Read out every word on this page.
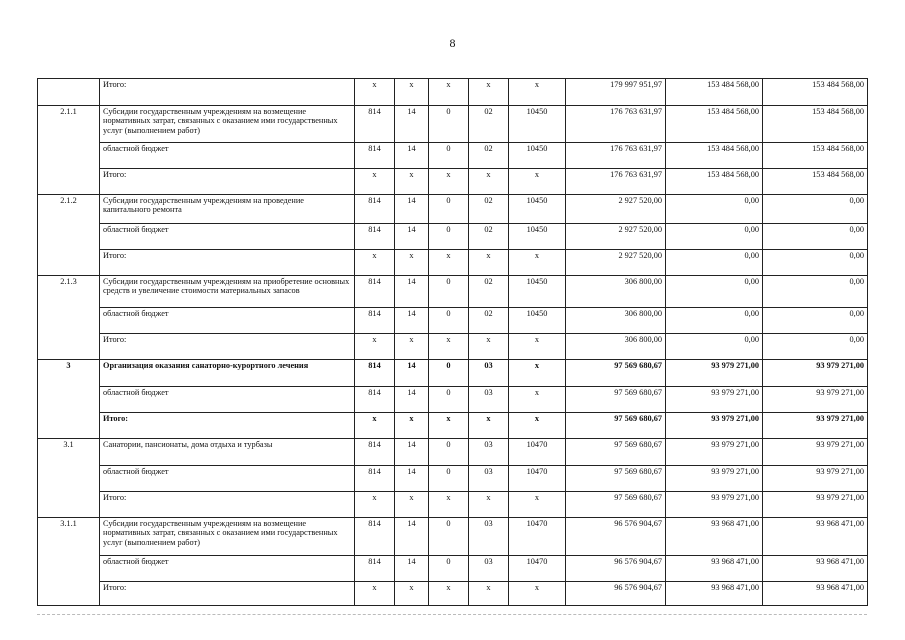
8
	Итого:	х	х	х	х	х	179 997 951,97	153 484 568,00	153 484 568,00
2.1.1	Субсидии государственным учреждениям на возмещение нормативных затрат, связанных с оказанием ими государственных услуг (выполнением работ)	814	14	0	02	10450	176 763 631,97	153 484 568,00	153 484 568,00
	областной бюджет	814	14	0	02	10450	176 763 631,97	153 484 568,00	153 484 568,00
	Итого:	х	х	х	х	х	176 763 631,97	153 484 568,00	153 484 568,00
2.1.2	Субсидии государственным учреждениям на проведение капитального ремонта	814	14	0	02	10450	2 927 520,00	0,00	0,00
	областной бюджет	814	14	0	02	10450	2 927 520,00	0,00	0,00
	Итого:	х	х	х	х	х	2 927 520,00	0,00	0,00
2.1.3	Субсидии государственным учреждениям на приобретение основных средств и увеличение стоимости материальных запасов	814	14	0	02	10450	306 800,00	0,00	0,00
	областной бюджет	814	14	0	02	10450	306 800,00	0,00	0,00
	Итого:	х	х	х	х	х	306 800,00	0,00	0,00
3	Организация оказания санаторно-курортного лечения	814	14	0	03	х	97 569 680,67	93 979 271,00	93 979 271,00
	областной бюджет	814	14	0	03	х	97 569 680,67	93 979 271,00	93 979 271,00
	Итого:	х	х	х	х	х	97 569 680,67	93 979 271,00	93 979 271,00
3.1	Санатории, пансионаты, дома отдыха и турбазы	814	14	0	03	10470	97 569 680,67	93 979 271,00	93 979 271,00
	областной бюджет	814	14	0	03	10470	97 569 680,67	93 979 271,00	93 979 271,00
	Итого:	х	х	х	х	х	97 569 680,67	93 979 271,00	93 979 271,00
3.1.1	Субсидии государственным учреждениям на возмещение нормативных затрат, связанных с оказанием ими государственных услуг (выполнением работ)	814	14	0	03	10470	96 576 904,67	93 968 471,00	93 968 471,00
	областной бюджет	814	14	0	03	10470	96 576 904,67	93 968 471,00	93 968 471,00
	Итого:	х	х	х	х	х	96 576 904,67	93 968 471,00	93 968 471,00
